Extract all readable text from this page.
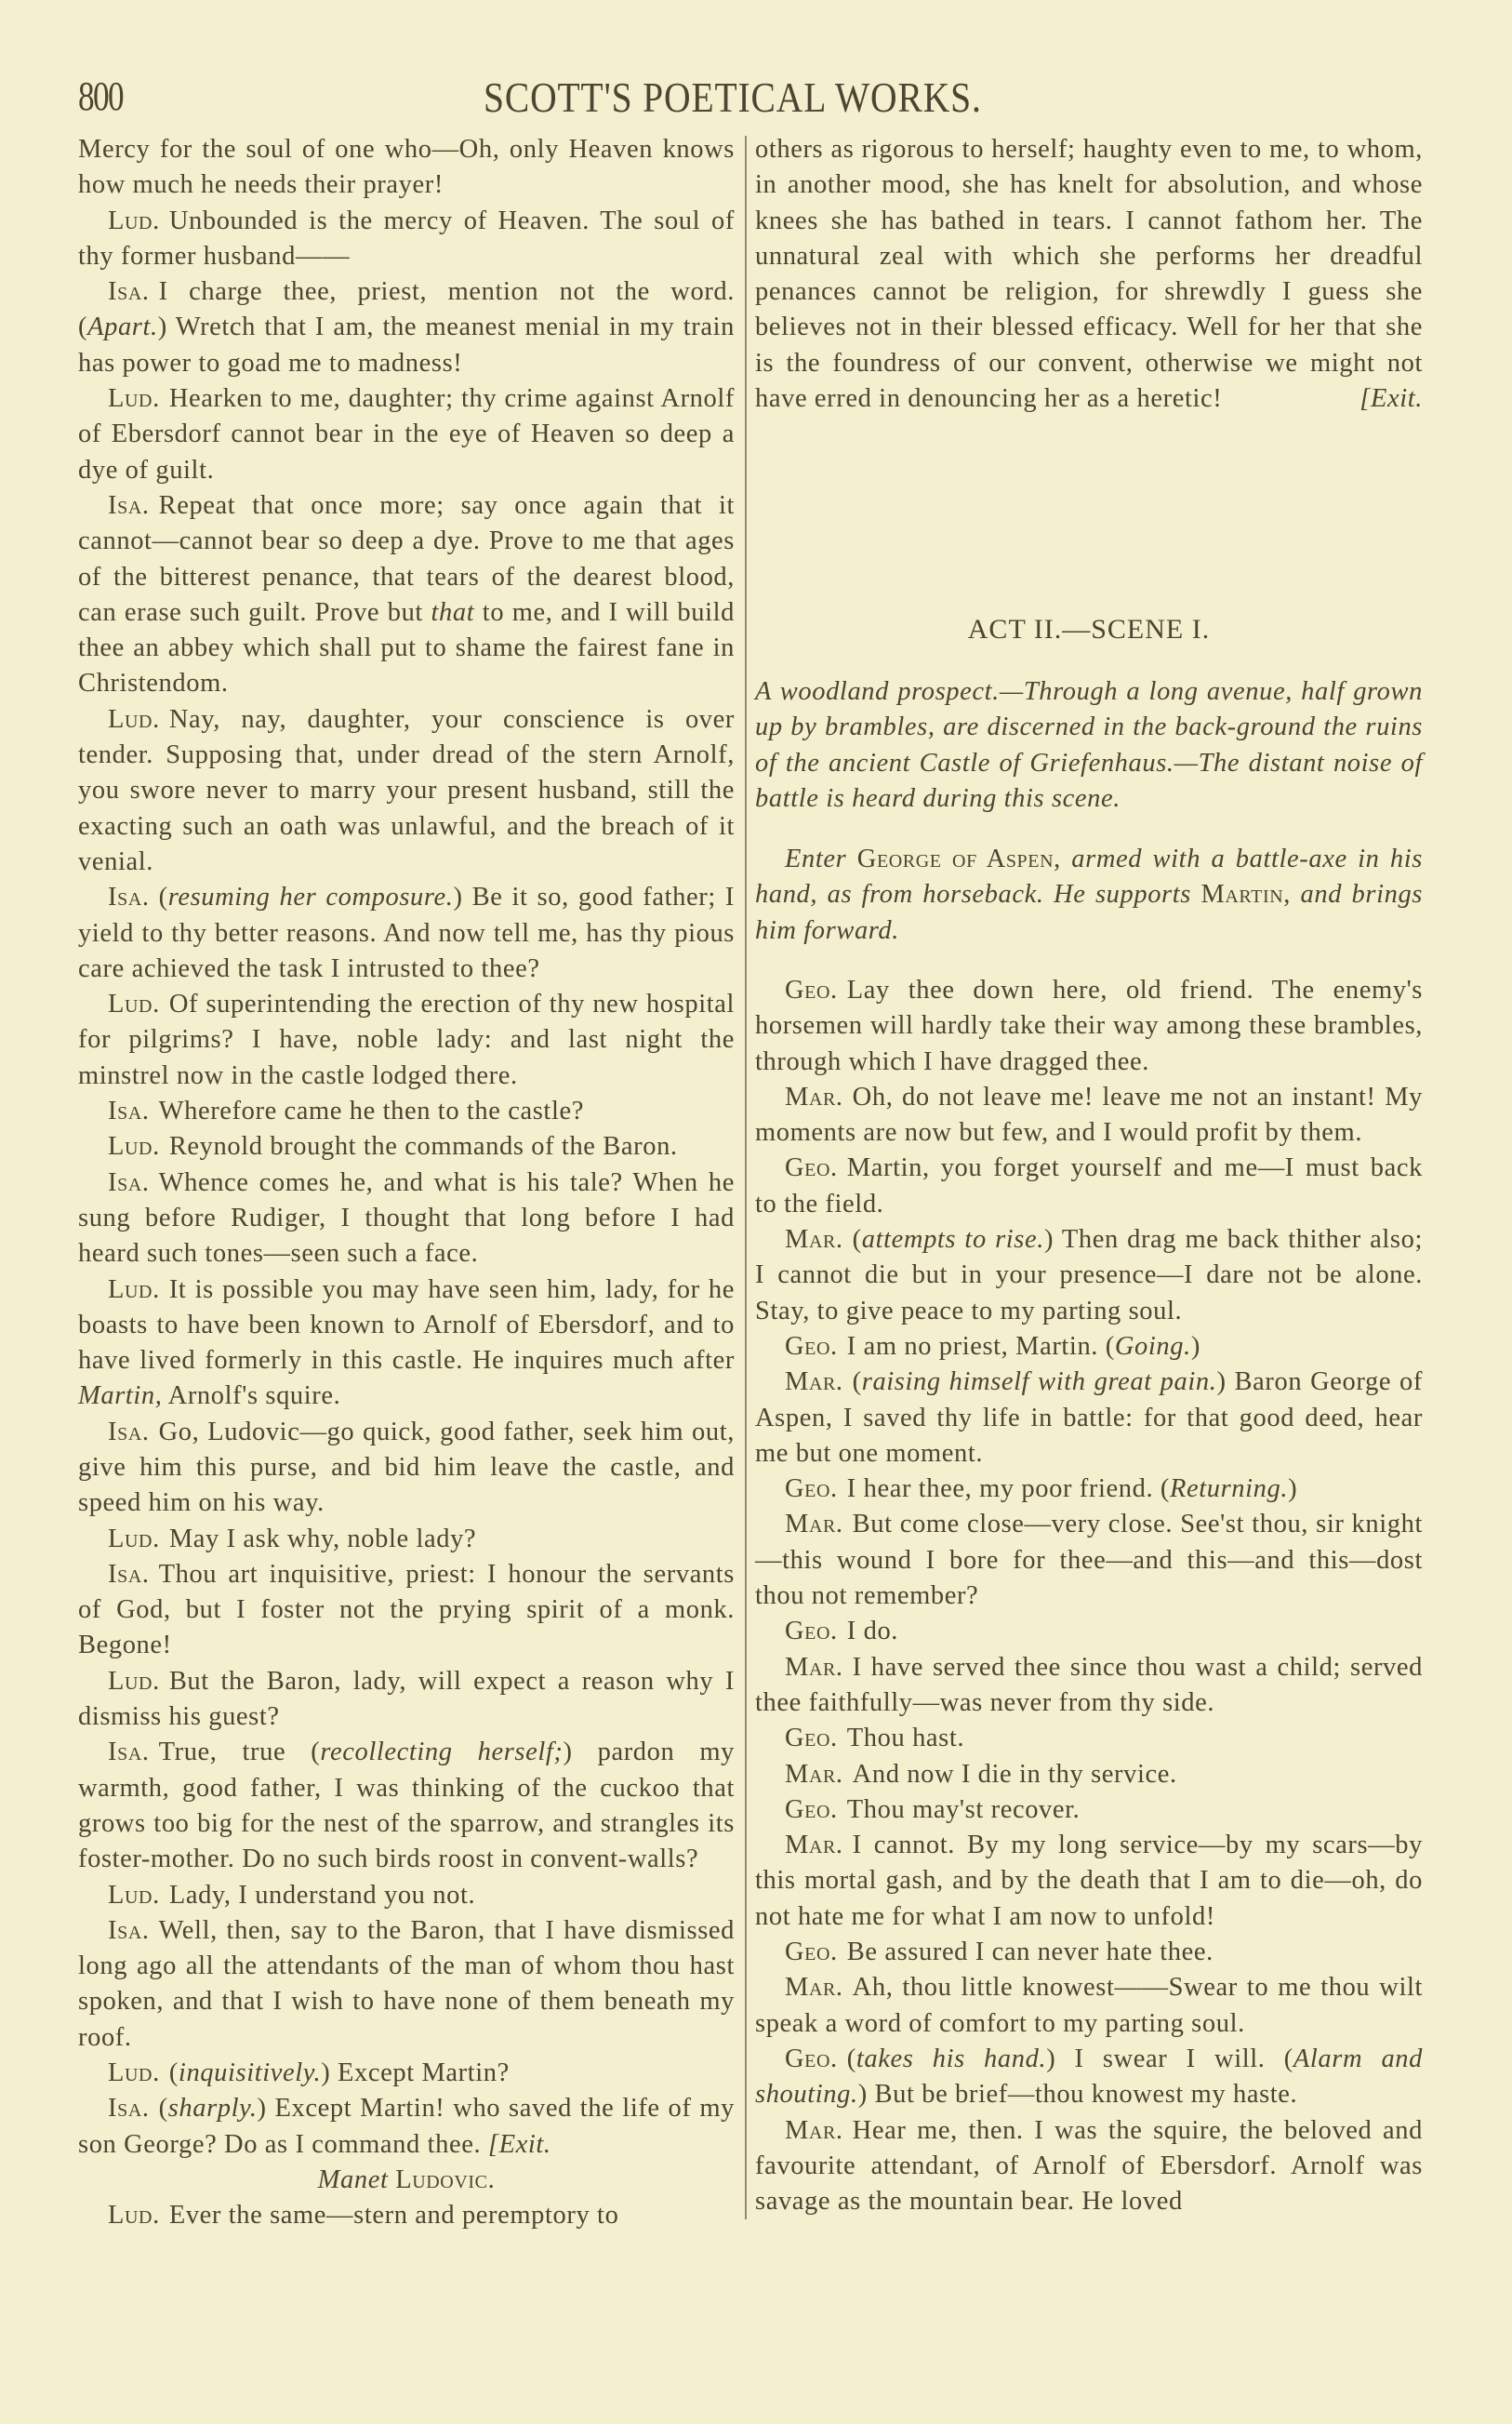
800	SCOTT'S POETICAL WORKS.

Mercy for the soul of one who—Oh, only Heaven knows how much he needs their prayer!

Lud. Unbounded is the mercy of Heaven. The soul of thy former husband——

Isa. I charge thee, priest, mention not the word. (Apart.) Wretch that I am, the meanest menial in my train has power to goad me to madness!

Lud. Hearken to me, daughter; thy crime against Arnolf of Ebersdorf cannot bear in the eye of Heaven so deep a dye of guilt.

Isa. Repeat that once more; say once again that it cannot—cannot bear so deep a dye. Prove to me that ages of the bitterest penance, that tears of the dearest blood, can erase such guilt. Prove but that to me, and I will build thee an abbey which shall put to shame the fairest fane in Christendom.

Lud. Nay, nay, daughter, your conscience is over tender. Supposing that, under dread of the stern Arnolf, you swore never to marry your present husband, still the exacting such an oath was unlawful, and the breach of it venial.

Isa. (resuming her composure.) Be it so, good father; I yield to thy better reasons. And now tell me, has thy pious care achieved the task I intrusted to thee?

Lud. Of superintending the erection of thy new hospital for pilgrims? I have, noble lady: and last night the minstrel now in the castle lodged there.

Isa. Wherefore came he then to the castle?

Lud. Reynold brought the commands of the Baron.

Isa. Whence comes he, and what is his tale? When he sung before Rudiger, I thought that long before I had heard such tones—seen such a face.

Lud. It is possible you may have seen him, lady, for he boasts to have been known to Arnolf of Ebersdorf, and to have lived formerly in this castle. He inquires much after Martin, Arnolf's squire.

Isa. Go, Ludovic—go quick, good father, seek him out, give him this purse, and bid him leave the castle, and speed him on his way.

Lud. May I ask why, noble lady?

Isa. Thou art inquisitive, priest: I honour the servants of God, but I foster not the prying spirit of a monk. Begone!

Lud. But the Baron, lady, will expect a reason why I dismiss his guest?

Isa. True, true (recollecting herself;) pardon my warmth, good father, I was thinking of the cuckoo that grows too big for the nest of the sparrow, and strangles its foster-mother. Do no such birds roost in convent-walls?

Lud. Lady, I understand you not.

Isa. Well, then, say to the Baron, that I have dismissed long ago all the attendants of the man of whom thou hast spoken, and that I wish to have none of them beneath my roof.

Lud. (inquisitively.) Except Martin?

Isa. (sharply.) Except Martin! who saved the life of my son George? Do as I command thee. [Exit.

Manet Ludovic.

Lud. Ever the same—stern and peremptory to

others as rigorous to herself; haughty even to me, to whom, in another mood, she has knelt for absolution, and whose knees she has bathed in tears. I cannot fathom her. The unnatural zeal with which she performs her dreadful penances cannot be religion, for shrewdly I guess she believes not in their blessed efficacy. Well for her that she is the foundress of our convent, otherwise we might not have erred in denouncing her as a heretic!	[Exit.

ACT II.—SCENE I.
A woodland prospect.—Through a long avenue, half grown up by brambles, are discerned in the back-ground the ruins of the ancient Castle of Griefenhaus.—The distant noise of battle is heard during this scene.

Enter George of Aspen, armed with a battle-axe in his hand, as from horseback. He supports Martin, and brings him forward.

Geo. Lay thee down here, old friend. The enemy's horsemen will hardly take their way among these brambles, through which I have dragged thee.

Mar. Oh, do not leave me! leave me not an instant! My moments are now but few, and I would profit by them.

Geo. Martin, you forget yourself and me—I must back to the field.

Mar. (attempts to rise.) Then drag me back thither also; I cannot die but in your presence—I dare not be alone. Stay, to give peace to my parting soul.

Geo. I am no priest, Martin. (Going.)

Mar. (raising himself with great pain.) Baron George of Aspen, I saved thy life in battle: for that good deed, hear me but one moment.

Geo. I hear thee, my poor friend. (Returning.)

Mar. But come close—very close. See'st thou, sir knight—this wound I bore for thee—and this—and this—dost thou not remember?

Geo. I do.

Mar. I have served thee since thou wast a child; served thee faithfully—was never from thy side.

Geo. Thou hast.

Mar. And now I die in thy service.

Geo. Thou may'st recover.

Mar. I cannot. By my long service—by my scars—by this mortal gash, and by the death that I am to die—oh, do not hate me for what I am now to unfold!

Geo. Be assured I can never hate thee.

Mar. Ah, thou little knowest——Swear to me thou wilt speak a word of comfort to my parting soul.

Geo. (takes his hand.) I swear I will. (Alarm and shouting.) But be brief—thou knowest my haste.

Mar. Hear me, then. I was the squire, the beloved and favourite attendant, of Arnolf of Ebersdorf. Arnolf was savage as the mountain bear. He loved
